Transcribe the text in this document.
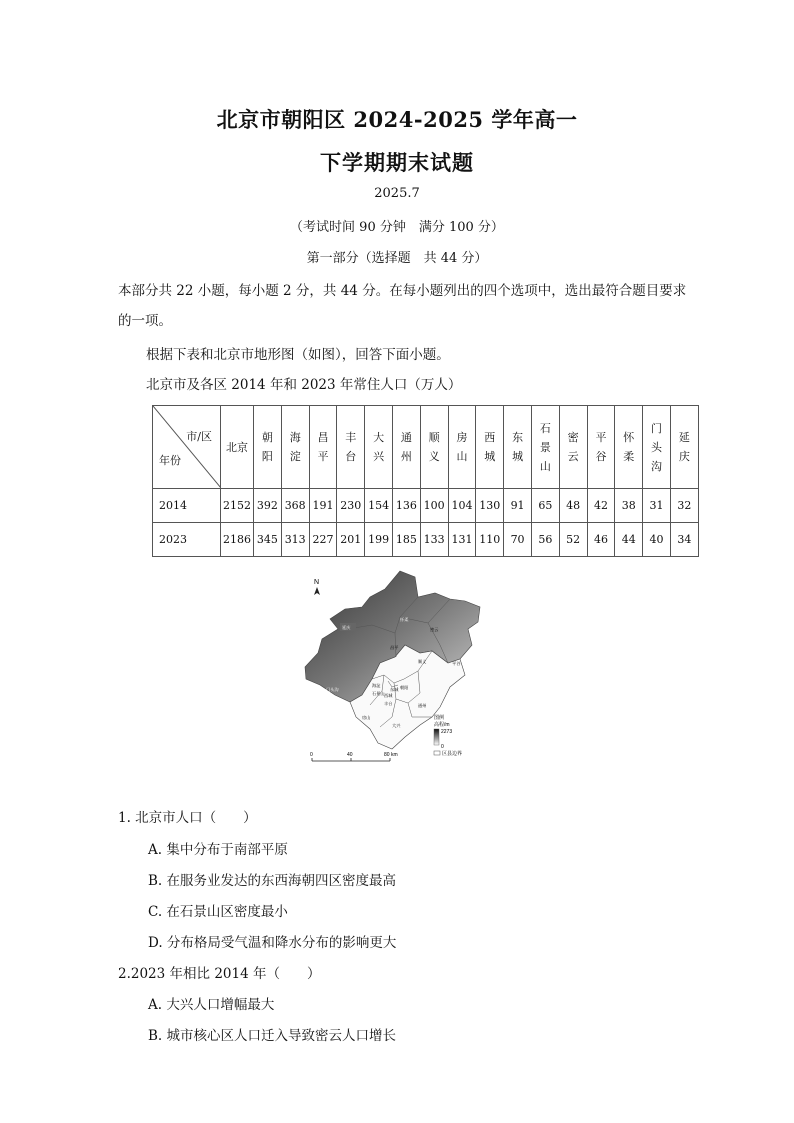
北京市朝阳区 2024-2025 学年高一
下学期期末试题
2025.7
（考试时间 90 分钟　满分 100 分）
第一部分（选择题　共 44 分）
本部分共 22 小题，每小题 2 分，共 44 分。在每小题列出的四个选项中，选出最符合题目要求的一项。
根据下表和北京市地形图（如图），回答下面小题。
北京市及各区 2014 年和 2023 年常住人口（万人）
市/区
年份	北京	朝阳	海淀	昌平	丰台	大兴	通州	顺义	房山	西城	东城	石景山	密云	平谷	怀柔	门头沟	延庆
2014	2152	392	368	191	230	154	136	100	104	130	91	65	48	42	38	31	32
2023	2186	345	313	227	201	199	185	133	131	110	70	56	52	46	44	40	34
N
延庆
怀柔
密云
平谷
顺义
昌平
门头沟
海淀
石景山 西城
东城 朝阳
丰台	通州
房山
大兴
图例
高程/m
2273
0
区县边界
0	40	80 km
1. 北京市人口（　　）
A. 集中分布于南部平原
B. 在服务业发达的东西海朝四区密度最高
C. 在石景山区密度最小
D. 分布格局受气温和降水分布的影响更大
2.2023 年相比 2014 年（　　）
A. 大兴人口增幅最大
B. 城市核心区人口迁入导致密云人口增长
